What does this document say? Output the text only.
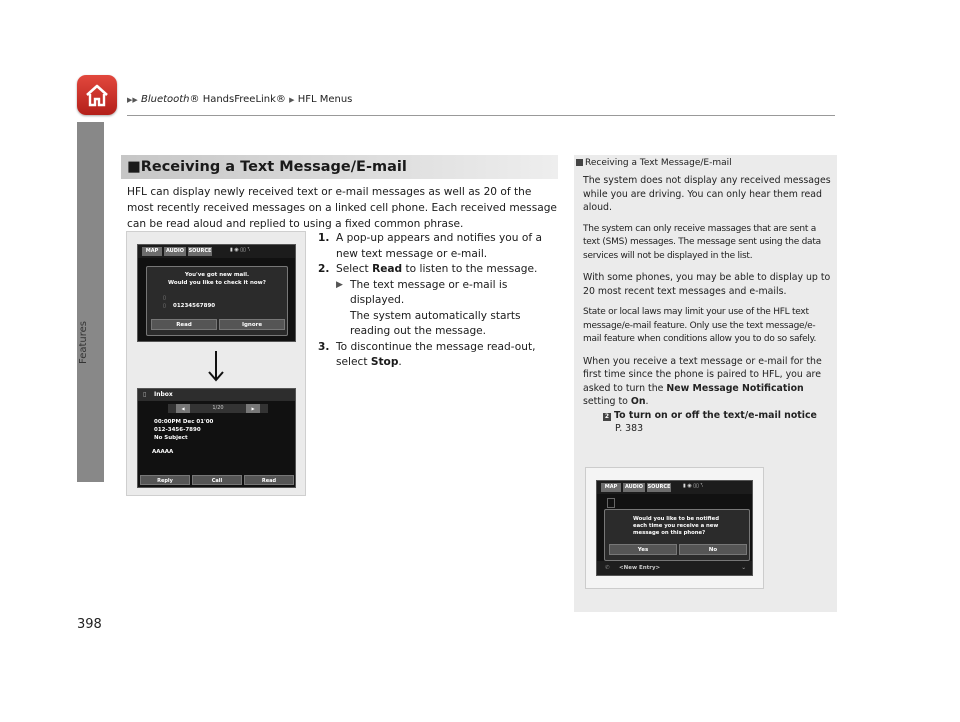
Features
398
▶▶ Bluetooth® HandsFreeLink® ▶ HFL Menus
■Receiving a Text Message/E-mail
HFL can display newly received text or e-mail messages as well as 20 of the most recently received messages on a linked cell phone. Each received message can be read aloud and replied to using a fixed common phrase.
MAP	AUDIO SOURCE	▮ ◉ ▯▯ ᵀₗ
You've got new mail.
Would you like to check it now?
▯
▯ 01234567890
Read	Ignore
▯ Inbox
◀	1/20	▶
00:00PM Dec 01'00
012-3456-7890
No Subject
AAAAA
Reply	Call	Read
1. A pop-up appears and notifies you of a new text message or e-mail.
2. Select Read to listen to the message.
▶ The text message or e-mail is displayed.
The system automatically starts reading out the message.
3. To discontinue the message read-out, select Stop.
Receiving a Text Message/E-mail

The system does not display any received messages while you are driving. You can only hear them read aloud.

The system can only receive massages that are sent a text (SMS) messages. The message sent using the data services will not be displayed in the list.

With some phones, you may be able to display up to 20 most recent text messages and e-mails.

State or local laws may limit your use of the HFL text message/e-mail feature. Only use the text message/e-mail feature when conditions allow you to do so safely.

When you receive a text message or e-mail for the first time since the phone is paired to HFL, you are asked to turn the New Message Notification setting to On.

2 To turn on or off the text/e-mail notice
P. 383
MAP	AUDIO SOURCE	▮ ◉ ▯▯ ᵀₗ
Would you like to be notified
each time you receive a new
message on this phone?
Yes	No
✆ <New Entry>	⌄
